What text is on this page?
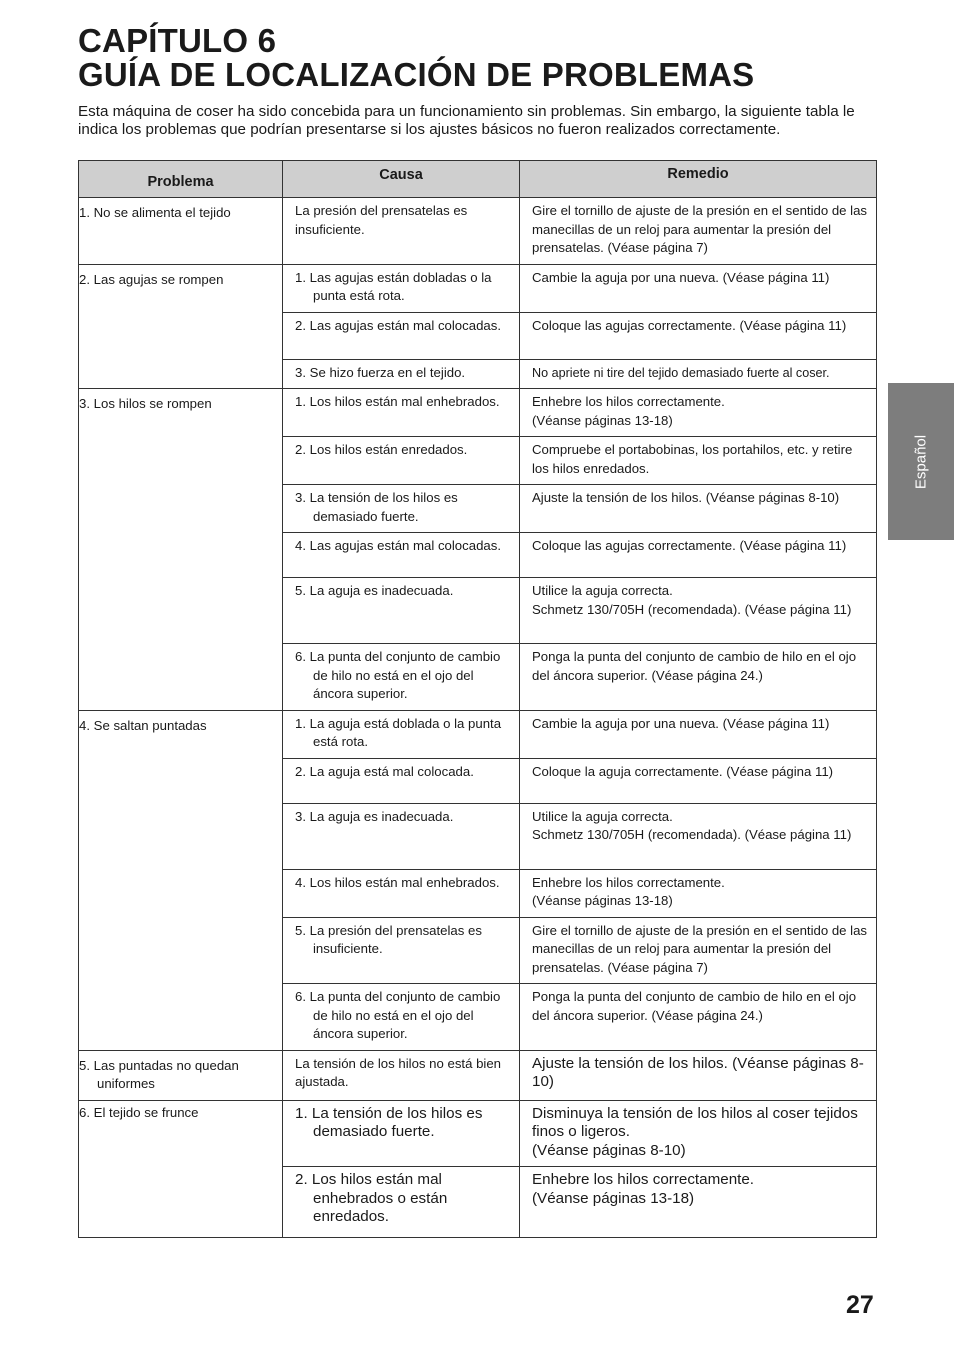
CAPÍTULO 6
GUÍA DE LOCALIZACIÓN DE PROBLEMAS

Esta máquina de coser ha sido concebida para un funcionamiento sin problemas. Sin embargo, la siguiente tabla le indica los problemas que podrían presentarse si los ajustes básicos no fueron realizados correctamente.

Problema	Causa	Remedio

1. No se alimenta el tejido	La presión del prensatelas es insuficiente.	Gire el tornillo de ajuste de la presión en el sentido de las manecillas de un reloj para aumentar la presión del prensatelas. (Véase página 7)

2. Las agujas se rompen	1. Las agujas están dobladas o la punta está rota.	Cambie la aguja por una nueva. (Véase página 11)

	2. Las agujas están mal colocadas.	Coloque las agujas correctamente. (Véase página 11)

	3. Se hizo fuerza en el tejido.	No apriete ni tire del tejido demasiado fuerte al coser.

3. Los hilos se rompen	1. Los hilos están mal enhebrados.	Enhebre los hilos correctamente.
(Véanse páginas 13-18)

	2. Los hilos están enredados.	Compruebe el portabobinas, los portahilos, etc. y retire los hilos enredados.

	3. La tensión de los hilos es demasiado fuerte.	Ajuste la tensión de los hilos. (Véanse páginas 8-10)

	4. Las agujas están mal colocadas.	Coloque las agujas correctamente. (Véase página 11)

	5. La aguja es inadecuada.	Utilice la aguja correcta.
Schmetz 130/705H (recomendada). (Véase página 11)

	6. La punta del conjunto de cambio de hilo no está en el ojo del áncora superior.	Ponga la punta del conjunto de cambio de hilo en el ojo del áncora superior. (Véase página 24.)

4. Se saltan puntadas	1. La aguja está doblada o la punta está rota.	Cambie la aguja por una nueva. (Véase página 11)

	2. La aguja está mal colocada.	Coloque la aguja correctamente. (Véase página 11)

	3. La aguja es inadecuada.	Utilice la aguja correcta.
Schmetz 130/705H (recomendada). (Véase página 11)

	4. Los hilos están mal enhebrados.	Enhebre los hilos correctamente.
(Véanse páginas 13-18)

	5. La presión del prensatelas es insuficiente.	Gire el tornillo de ajuste de la presión en el sentido de las manecillas de un reloj para aumentar la presión del prensatelas. (Véase página 7)

	6. La punta del conjunto de cambio de hilo no está en el ojo del áncora superior.	Ponga la punta del conjunto de cambio de hilo en el ojo del áncora superior. (Véase página 24.)

5. Las puntadas no quedan uniformes	La tensión de los hilos no está bien ajustada.	Ajuste la tensión de los hilos. (Véanse páginas 8-10)

6. El tejido se frunce	1. La tensión de los hilos es demasiado fuerte.	Disminuya la tensión de los hilos al coser tejidos finos o ligeros.
(Véanse páginas 8-10)

	2. Los hilos están mal enhebrados o están enredados.	Enhebre los hilos correctamente.
(Véanse páginas 13-18)
Español
27
